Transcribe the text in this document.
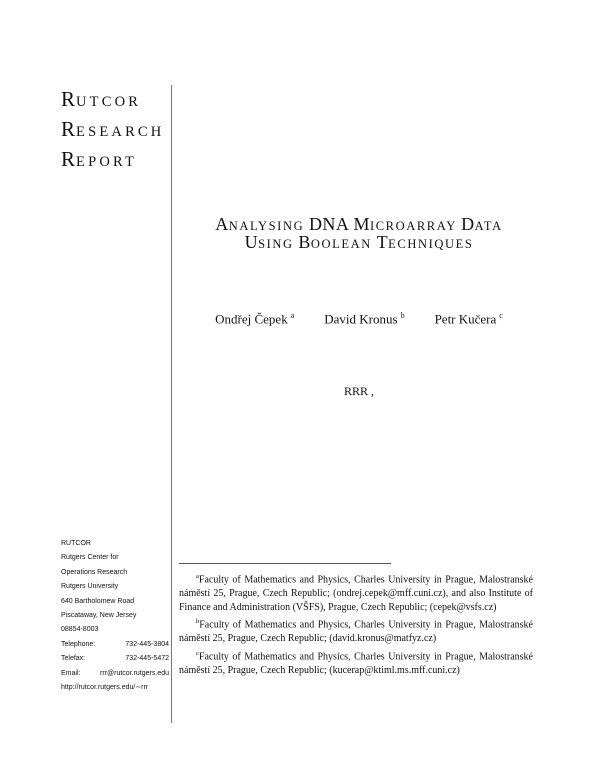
RUTCOR
RESEARCH
REPORT
ANALYSING DNA MICROARRAY DATA
USING BOOLEAN TECHNIQUES
Ondřej Čepek $^a$ David Kronus $^b$ Petr Kučera $^c$
RRR ,
RUTCOR
Rutgers Center for
Operations Research
Rutgers University
640 Bartholomew Road
Piscataway, New Jersey
08854-8003
Telephone:	732-445-3804
Telefax:	732-445-5472
Email:	rrr@rutcor.rutgers.edu
http://rutcor.rutgers.edu/∼rrr
$^a$Faculty of Mathematics and Physics, Charles University in Prague, Malostranské náměstí 25, Prague, Czech Republic; (ondrej.cepek@mff.cuni.cz), and also Institute of Finance and Administration (VŠFS), Prague, Czech Republic; (cepek@vsfs.cz)
$^b$Faculty of Mathematics and Physics, Charles University in Prague, Malostranské náměstí 25, Prague, Czech Republic; (david.kronus@matfyz.cz)
$^c$Faculty of Mathematics and Physics, Charles University in Prague, Malostranské náměstí 25, Prague, Czech Republic; (kucerap@ktiml.ms.mff.cuni.cz)
